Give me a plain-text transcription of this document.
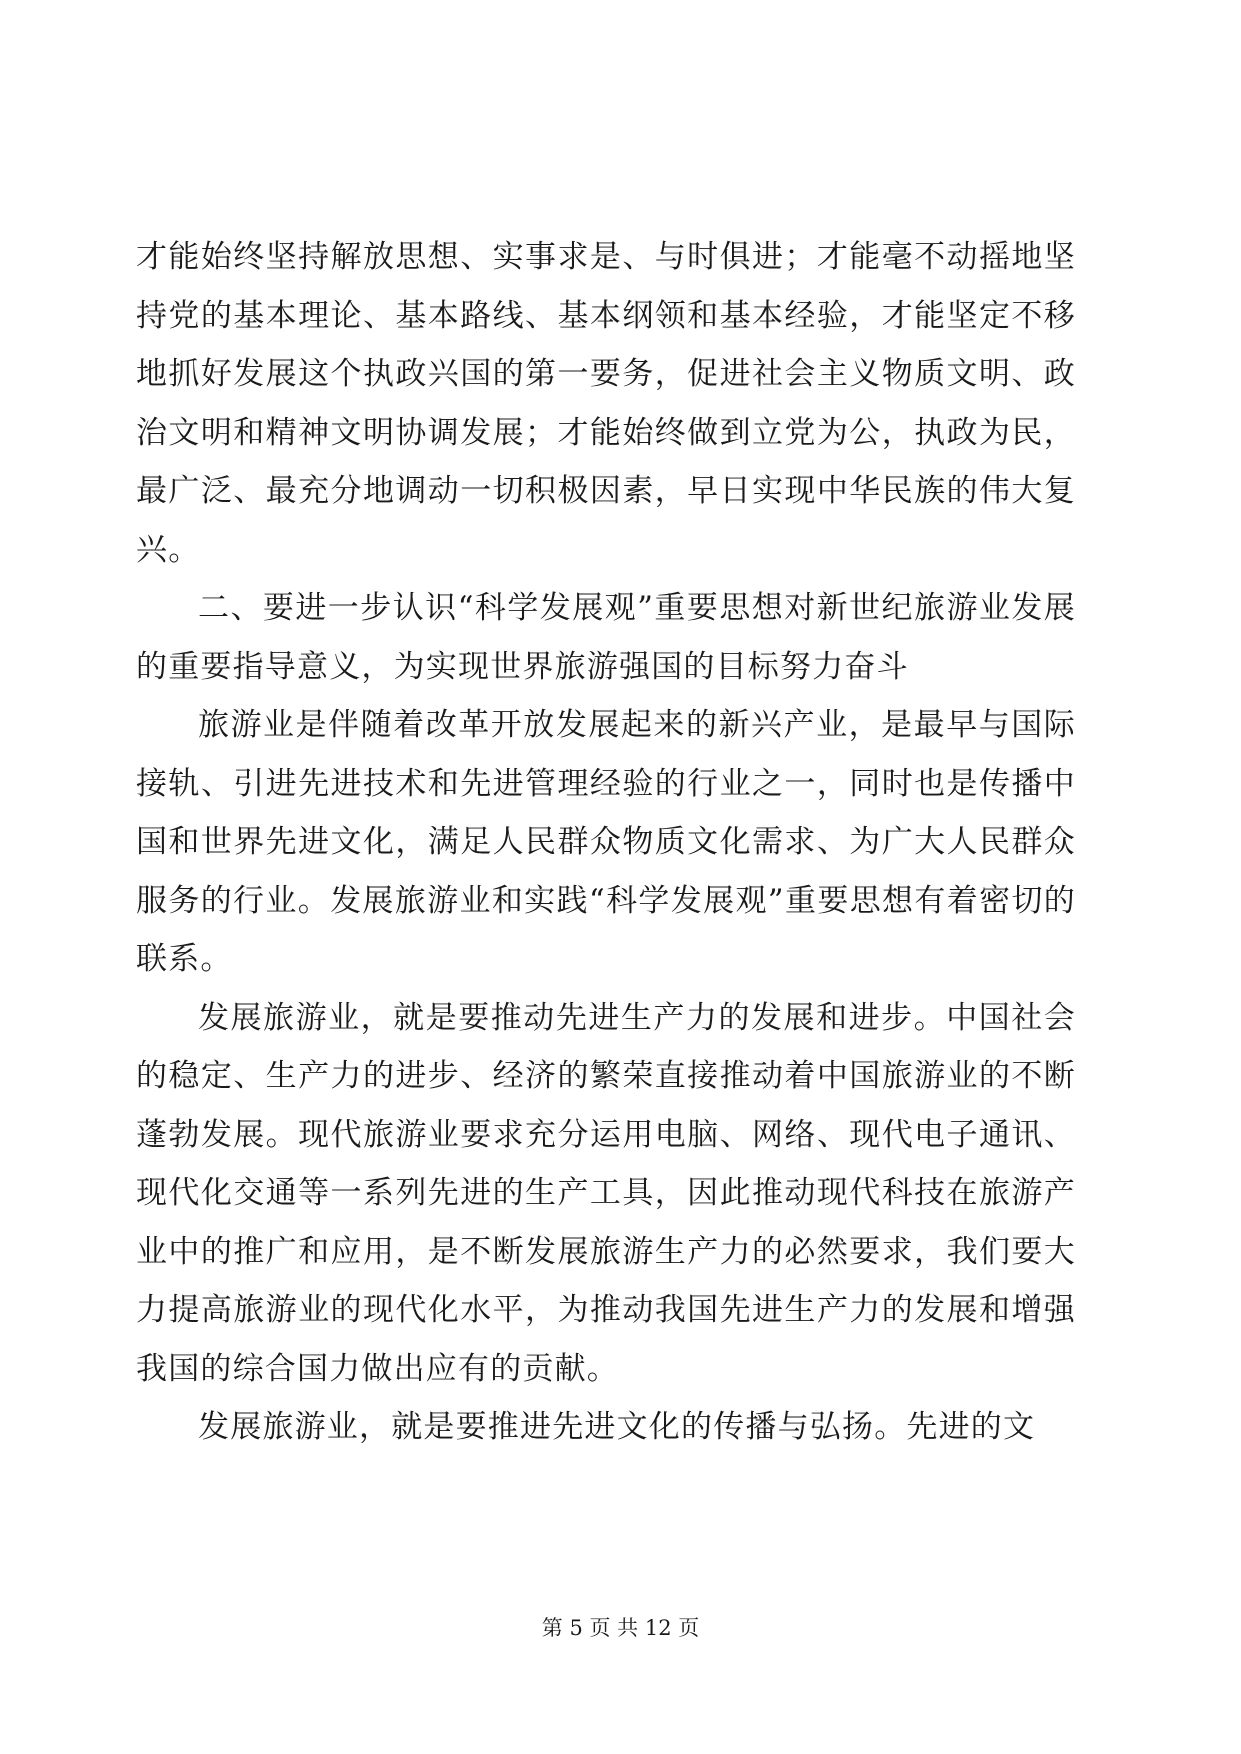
才能始终坚持解放思想、实事求是、与时俱进；才能毫不动摇地坚持党的基本理论、基本路线、基本纲领和基本经验，才能坚定不移地抓好发展这个执政兴国的第一要务，促进社会主义物质文明、政治文明和精神文明协调发展；才能始终做到立党为公，执政为民，最广泛、最充分地调动一切积极因素，早日实现中华民族的伟大复兴。

二、要进一步认识“科学发展观”重要思想对新世纪旅游业发展的重要指导意义，为实现世界旅游强国的目标努力奋斗

旅游业是伴随着改革开放发展起来的新兴产业，是最早与国际接轨、引进先进技术和先进管理经验的行业之一，同时也是传播中国和世界先进文化，满足人民群众物质文化需求、为广大人民群众服务的行业。发展旅游业和实践“科学发展观”重要思想有着密切的联系。

发展旅游业，就是要推动先进生产力的发展和进步。中国社会的稳定、生产力的进步、经济的繁荣直接推动着中国旅游业的不断蓬勃发展。现代旅游业要求充分运用电脑、网络、现代电子通讯、现代化交通等一系列先进的生产工具，因此推动现代科技在旅游产业中的推广和应用，是不断发展旅游生产力的必然要求，我们要大力提高旅游业的现代化水平，为推动我国先进生产力的发展和增强我国的综合国力做出应有的贡献。

发展旅游业，就是要推进先进文化的传播与弘扬。先进的文

第 5 页 共 12 页
